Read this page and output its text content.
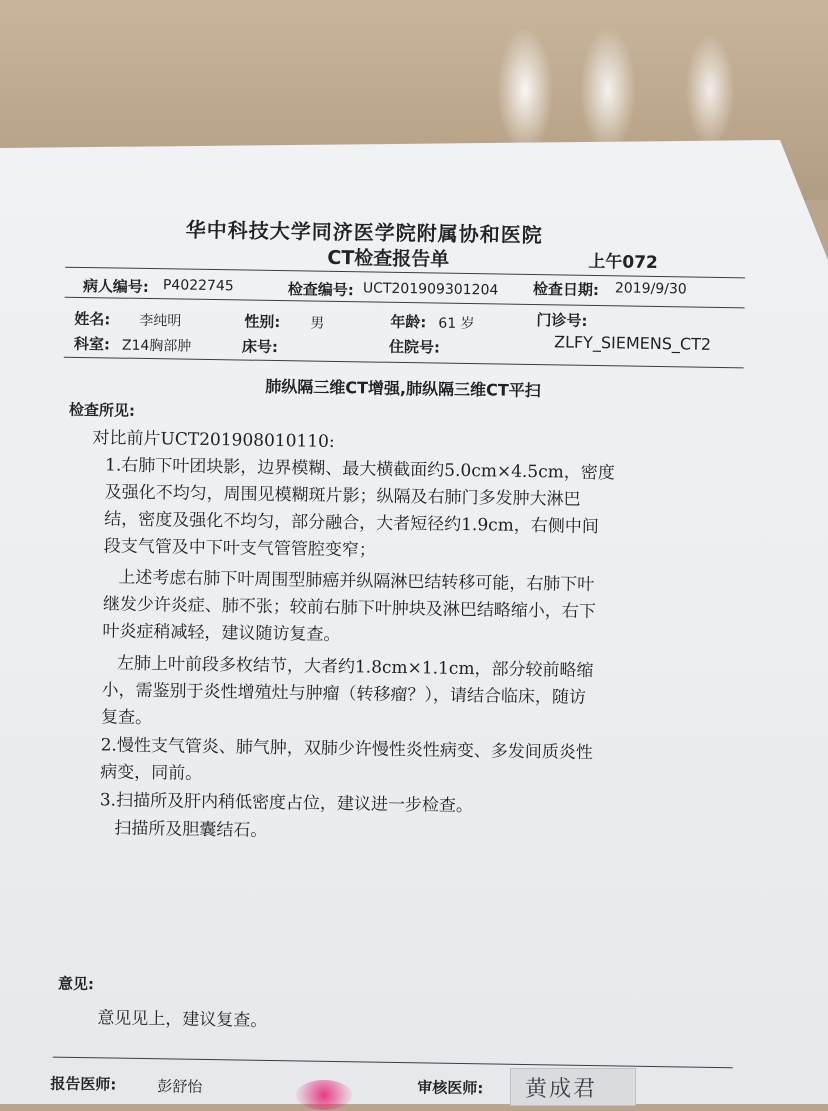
华中科技大学同济医学院附属协和医院
CT检查报告单	上午072
病人编号: P4022745	检查编号: UCT201909301204 检查日期: 2019/9/30
姓名: 李纯明	性别: 男	年龄: 61 岁	门诊号:
科室: Z14胸部肿	床号:	住院号:	ZLFY_SIEMENS_CT2
肺纵隔三维CT增强,肺纵隔三维CT平扫
检查所见:
对比前片UCT201908010110:
1.右肺下叶团块影，边界模糊、最大横截面约5.0cm×4.5cm，密度
及强化不均匀，周围见模糊斑片影；纵隔及右肺门多发肿大淋巴
结，密度及强化不均匀，部分融合，大者短径约1.9cm，右侧中间
段支气管及中下叶支气管管腔变窄；
上述考虑右肺下叶周围型肺癌并纵隔淋巴结转移可能，右肺下叶
继发少许炎症、肺不张；较前右肺下叶肿块及淋巴结略缩小，右下
叶炎症稍减轻，建议随访复查。
左肺上叶前段多枚结节，大者约1.8cm×1.1cm，部分较前略缩
小，需鉴别于炎性增殖灶与肿瘤（转移瘤？），请结合临床，随访
复查。
2.慢性支气管炎、肺气肿，双肺少许慢性炎性病变、多发间质炎性
病变，同前。
3.扫描所及肝内稍低密度占位，建议进一步检查。
扫描所及胆囊结石。
意见:
意见见上，建议复查。
报告医师:	彭舒怡	审核医师:	黄成君
